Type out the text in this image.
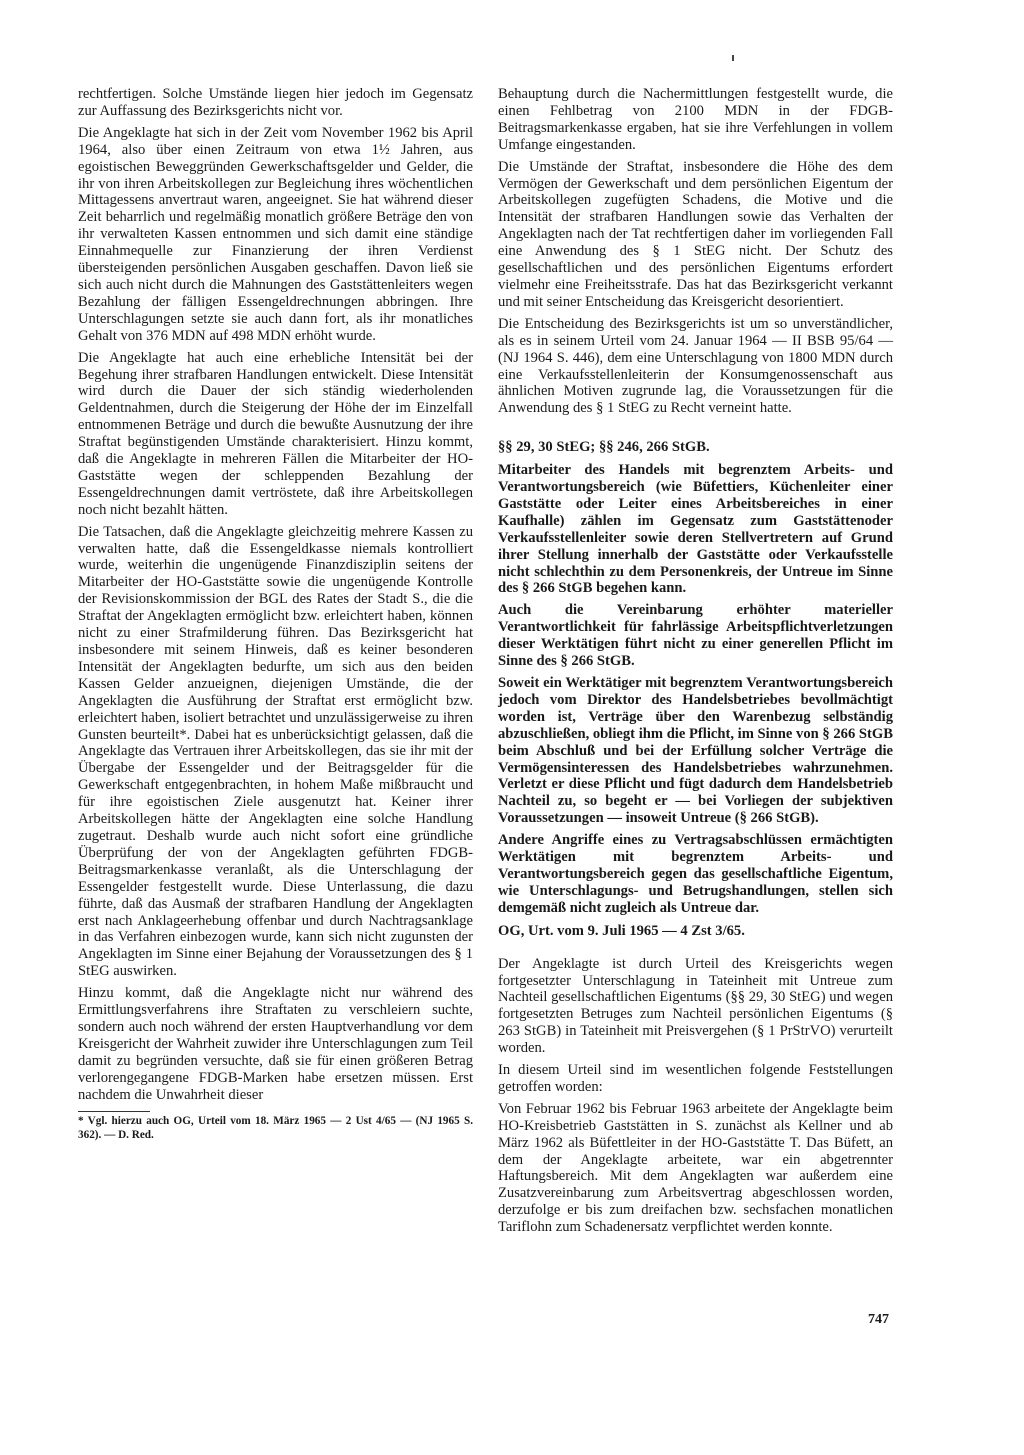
rechtfertigen. Solche Umstände liegen hier jedoch im Gegensatz zur Auffassung des Bezirksgerichts nicht vor.

Die Angeklagte hat sich in der Zeit vom November 1962 bis April 1964, also über einen Zeitraum von etwa 1½ Jahren, aus egoistischen Beweggründen Gewerkschaftsgelder und Gelder, die ihr von ihren Arbeitskollegen zur Begleichung ihres wöchentlichen Mittagessens anvertraut waren, angeeignet. Sie hat während dieser Zeit beharrlich und regelmäßig monatlich größere Beträge den von ihr verwalteten Kassen entnommen und sich damit eine ständige Einnahmequelle zur Finanzierung der ihren Verdienst übersteigenden persönlichen Ausgaben geschaffen. Davon ließ sie sich auch nicht durch die Mahnungen des Gaststättenleiters wegen Bezahlung der fälligen Essengeldrechnungen abbringen. Ihre Unterschlagungen setzte sie auch dann fort, als ihr monatliches Gehalt von 376 MDN auf 498 MDN erhöht wurde.

Die Angeklagte hat auch eine erhebliche Intensität bei der Begehung ihrer strafbaren Handlungen entwickelt. Diese Intensität wird durch die Dauer der sich ständig wiederholenden Geldentnahmen, durch die Steigerung der Höhe der im Einzelfall entnommenen Beträge und durch die bewußte Ausnutzung der ihre Straftat begünstigenden Umstände charakterisiert. Hinzu kommt, daß die Angeklagte in mehreren Fällen die Mitarbeiter der HO-Gaststätte wegen der schleppenden Bezahlung der Essengeldrechnungen damit vertröstete, daß ihre Arbeitskollegen noch nicht bezahlt hätten.

Die Tatsachen, daß die Angeklagte gleichzeitig mehrere Kassen zu verwalten hatte, daß die Essengeldkasse niemals kontrolliert wurde, weiterhin die ungenügende Finanzdisziplin seitens der Mitarbeiter der HO-Gaststätte sowie die ungenügende Kontrolle der Revisionskommission der BGL des Rates der Stadt S., die die Straftat der Angeklagten ermöglicht bzw. erleichtert haben, können nicht zu einer Strafmilderung führen. Das Bezirksgericht hat insbesondere mit seinem Hinweis, daß es keiner besonderen Intensität der Angeklagten bedurfte, um sich aus den beiden Kassen Gelder anzueignen, diejenigen Umstände, die der Angeklagten die Ausführung der Straftat erst ermöglicht bzw. erleichtert haben, isoliert betrachtet und unzulässigerweise zu ihren Gunsten beurteilt*. Dabei hat es unberücksichtigt gelassen, daß die Angeklagte das Vertrauen ihrer Arbeitskollegen, das sie ihr mit der Übergabe der Essengelder und der Beitragsgelder für die Gewerkschaft entgegenbrachten, in hohem Maße mißbraucht und für ihre egoistischen Ziele ausgenutzt hat. Keiner ihrer Arbeitskollegen hätte der Angeklagten eine solche Handlung zugetraut. Deshalb wurde auch nicht sofort eine gründliche Überprüfung der von der Angeklagten geführten FDGB-Beitragsmarkenkasse veranlaßt, als die Unterschlagung der Essengelder festgestellt wurde. Diese Unterlassung, die dazu führte, daß das Ausmaß der strafbaren Handlung der Angeklagten erst nach Anklageerhebung offenbar und durch Nachtragsanklage in das Verfahren einbezogen wurde, kann sich nicht zugunsten der Angeklagten im Sinne einer Bejahung der Voraussetzungen des § 1 StEG auswirken.

Hinzu kommt, daß die Angeklagte nicht nur während des Ermittlungsverfahrens ihre Straftaten zu verschleiern suchte, sondern auch noch während der ersten Hauptverhandlung vor dem Kreisgericht der Wahrheit zuwider ihre Unterschlagungen zum Teil damit zu begründen versuchte, daß sie für einen größeren Betrag verlorengegangene FDGB-Marken habe ersetzen müssen. Erst nachdem die Unwahrheit dieser

* Vgl. hierzu auch OG, Urteil vom 18. März 1965 — 2 Ust 4/65 — (NJ 1965 S. 362). — D. Red.

Behauptung durch die Nachermittlungen festgestellt wurde, die einen Fehlbetrag von 2100 MDN in der FDGB-Beitragsmarkenkasse ergaben, hat sie ihre Verfehlungen in vollem Umfange eingestanden.

Die Umstände der Straftat, insbesondere die Höhe des dem Vermögen der Gewerkschaft und dem persönlichen Eigentum der Arbeitskollegen zugefügten Schadens, die Motive und die Intensität der strafbaren Handlungen sowie das Verhalten der Angeklagten nach der Tat rechtfertigen daher im vorliegenden Fall eine Anwendung des § 1 StEG nicht. Der Schutz des gesellschaftlichen und des persönlichen Eigentums erfordert vielmehr eine Freiheitsstrafe. Das hat das Bezirksgericht verkannt und mit seiner Entscheidung das Kreisgericht desorientiert.

Die Entscheidung des Bezirksgerichts ist um so unverständlicher, als es in seinem Urteil vom 24. Januar 1964 — II BSB 95/64 — (NJ 1964 S. 446), dem eine Unterschlagung von 1800 MDN durch eine Verkaufsstellenleiterin der Konsumgenossenschaft aus ähnlichen Motiven zugrunde lag, die Voraussetzungen für die Anwendung des § 1 StEG zu Recht verneint hatte.

§§ 29, 30 StEG; §§ 246, 266 StGB.

Mitarbeiter des Handels mit begrenztem Arbeits- und Verantwortungsbereich (wie Büfettiers, Küchenleiter einer Gaststätte oder Leiter eines Arbeitsbereiches in einer Kaufhalle) zählen im Gegensatz zum Gaststättenoder Verkaufsstellenleiter sowie deren Stellvertretern auf Grund ihrer Stellung innerhalb der Gaststätte oder Verkaufsstelle nicht schlechthin zu dem Personenkreis, der Untreue im Sinne des § 266 StGB begehen kann.

Auch die Vereinbarung erhöhter materieller Verantwortlichkeit für fahrlässige Arbeitspflichtverletzungen dieser Werktätigen führt nicht zu einer generellen Pflicht im Sinne des § 266 StGB.

Soweit ein Werktätiger mit begrenztem Verantwortungsbereich jedoch vom Direktor des Handelsbetriebes bevollmächtigt worden ist, Verträge über den Warenbezug selbständig abzuschließen, obliegt ihm die Pflicht, im Sinne von § 266 StGB beim Abschluß und bei der Erfüllung solcher Verträge die Vermögensinteressen des Handelsbetriebes wahrzunehmen. Verletzt er diese Pflicht und fügt dadurch dem Handelsbetrieb Nachteil zu, so begeht er — bei Vorliegen der subjektiven Voraussetzungen — insoweit Untreue (§ 266 StGB).

Andere Angriffe eines zu Vertragsabschlüssen ermächtigten Werktätigen mit begrenztem Arbeits- und Verantwortungsbereich gegen das gesellschaftliche Eigentum, wie Unterschlagungs- und Betrugshandlungen, stellen sich demgemäß nicht zugleich als Untreue dar.

OG, Urt. vom 9. Juli 1965 — 4 Zst 3/65.

Der Angeklagte ist durch Urteil des Kreisgerichts wegen fortgesetzter Unterschlagung in Tateinheit mit Untreue zum Nachteil gesellschaftlichen Eigentums (§§ 29, 30 StEG) und wegen fortgesetzten Betruges zum Nachteil persönlichen Eigentums (§ 263 StGB) in Tateinheit mit Preisvergehen (§ 1 PrStrVO) verurteilt worden.

In diesem Urteil sind im wesentlichen folgende Feststellungen getroffen worden:

Von Februar 1962 bis Februar 1963 arbeitete der Angeklagte beim HO-Kreisbetrieb Gaststätten in S. zunächst als Kellner und ab März 1962 als Büfettleiter in der HO-Gaststätte T. Das Büfett, an dem der Angeklagte arbeitete, war ein abgetrennter Haftungsbereich. Mit dem Angeklagten war außerdem eine Zusatzvereinbarung zum Arbeitsvertrag abgeschlossen worden, derzufolge er bis zum dreifachen bzw. sechsfachen monatlichen Tariflohn zum Schadenersatz verpflichtet werden konnte.

747
